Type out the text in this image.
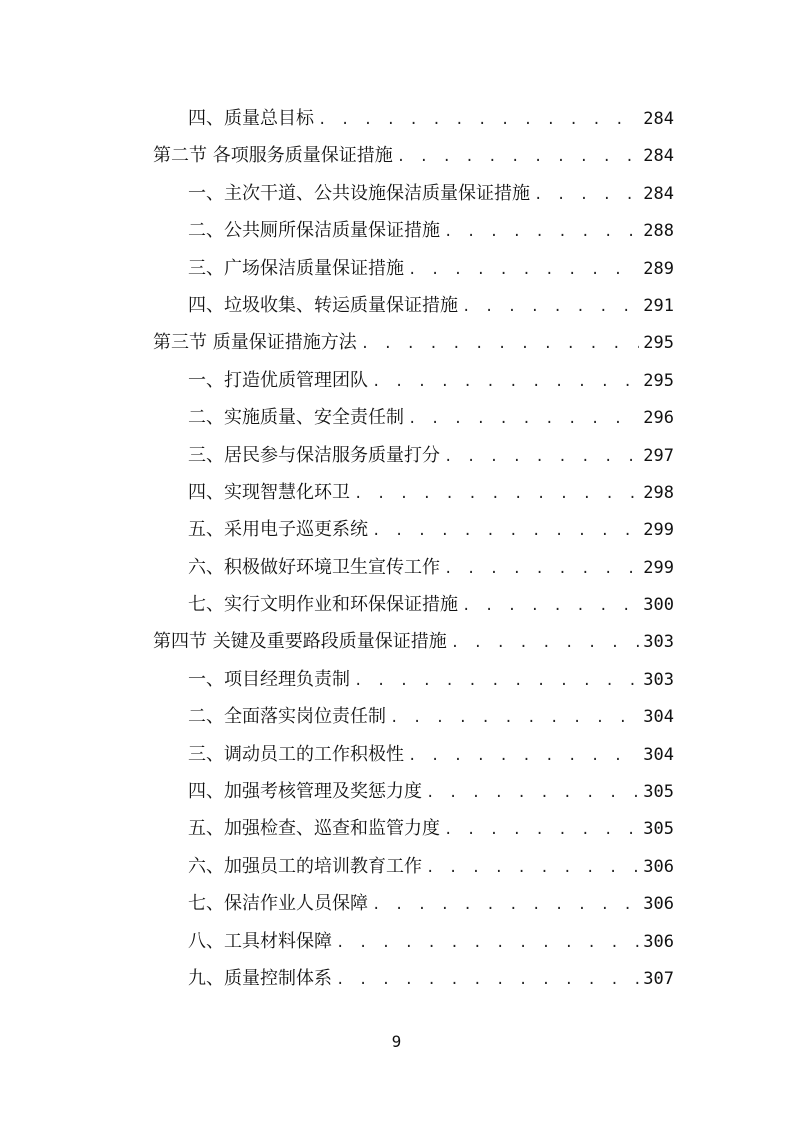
四、质量总目标 . . .	284
第二节 各项服务质量保证措施 . . .	284
一、主次干道、公共设施保洁质量保证措施 . . .	284
二、公共厕所保洁质量保证措施 . . .	288
三、广场保洁质量保证措施 . . .	289
四、垃圾收集、转运质量保证措施 . . .	291
第三节 质量保证措施方法 . . .	295
一、打造优质管理团队 . . .	295
二、实施质量、安全责任制 . . .	296
三、居民参与保洁服务质量打分 . . .	297
四、实现智慧化环卫 . . .	298
五、采用电子巡更系统 . . .	299
六、积极做好环境卫生宣传工作 . . .	299
七、实行文明作业和环保保证措施 . . .	300
第四节 关键及重要路段质量保证措施 . . .	303
一、项目经理负责制 . . .	303
二、全面落实岗位责任制 . . .	304
三、调动员工的工作积极性 . . .	304
四、加强考核管理及奖惩力度 . . .	305
五、加强检查、巡查和监管力度 . . .	305
六、加强员工的培训教育工作 . . .	306
七、保洁作业人员保障 . . .	306
八、工具材料保障 . . .	306
九、质量控制体系 . . .	307
9
